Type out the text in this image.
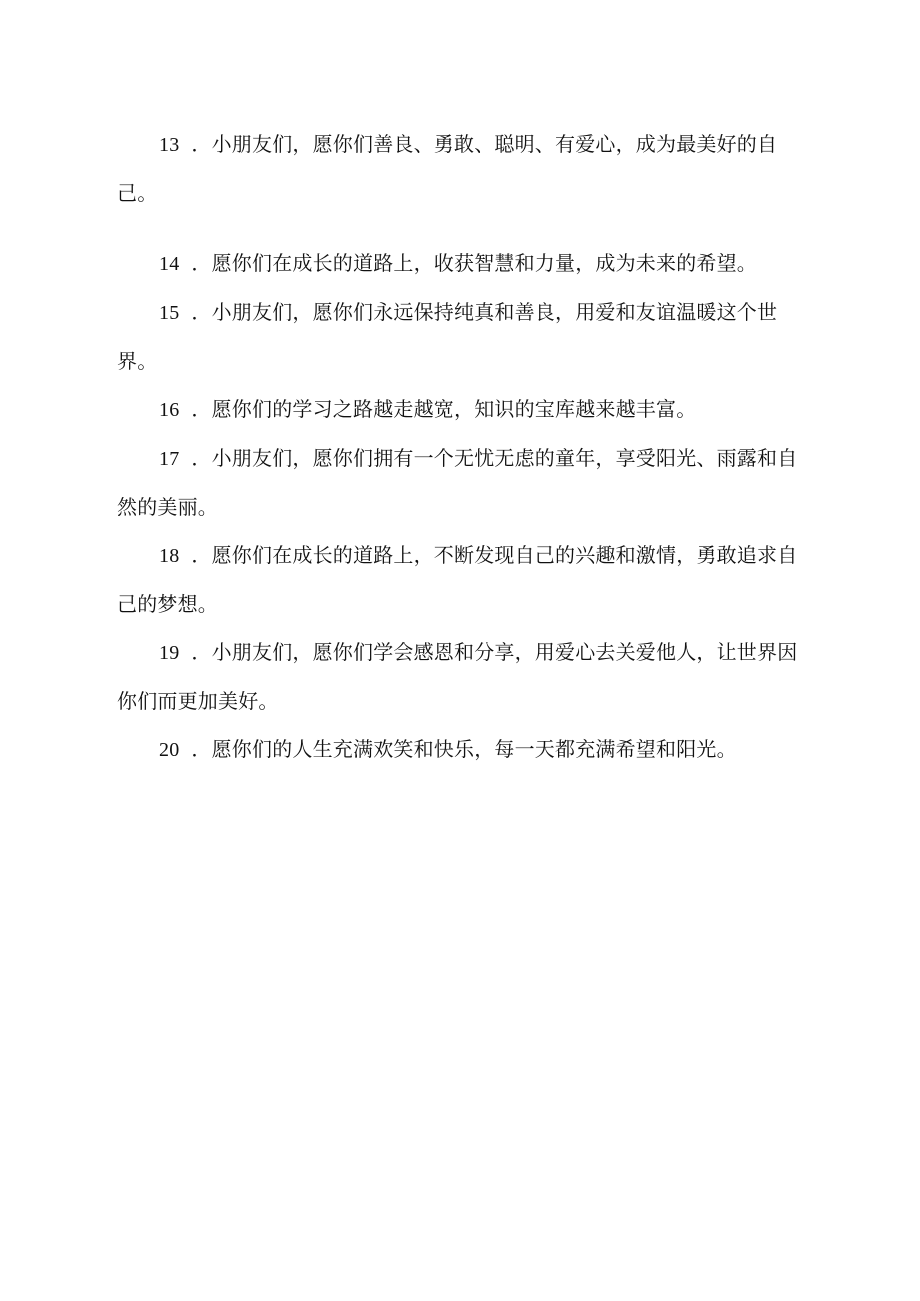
13 ．小朋友们，愿你们善良、勇敢、聪明、有爱心，成为最美好的自己。

14 ．愿你们在成长的道路上，收获智慧和力量，成为未来的希望。

15 ．小朋友们，愿你们永远保持纯真和善良，用爱和友谊温暖这个世界。

16 ．愿你们的学习之路越走越宽，知识的宝库越来越丰富。

17 ．小朋友们，愿你们拥有一个无忧无虑的童年，享受阳光、雨露和自然的美丽。

18 ．愿你们在成长的道路上，不断发现自己的兴趣和激情，勇敢追求自己的梦想。

19 ．小朋友们，愿你们学会感恩和分享，用爱心去关爱他人，让世界因你们而更加美好。

20 ．愿你们的人生充满欢笑和快乐，每一天都充满希望和阳光。
